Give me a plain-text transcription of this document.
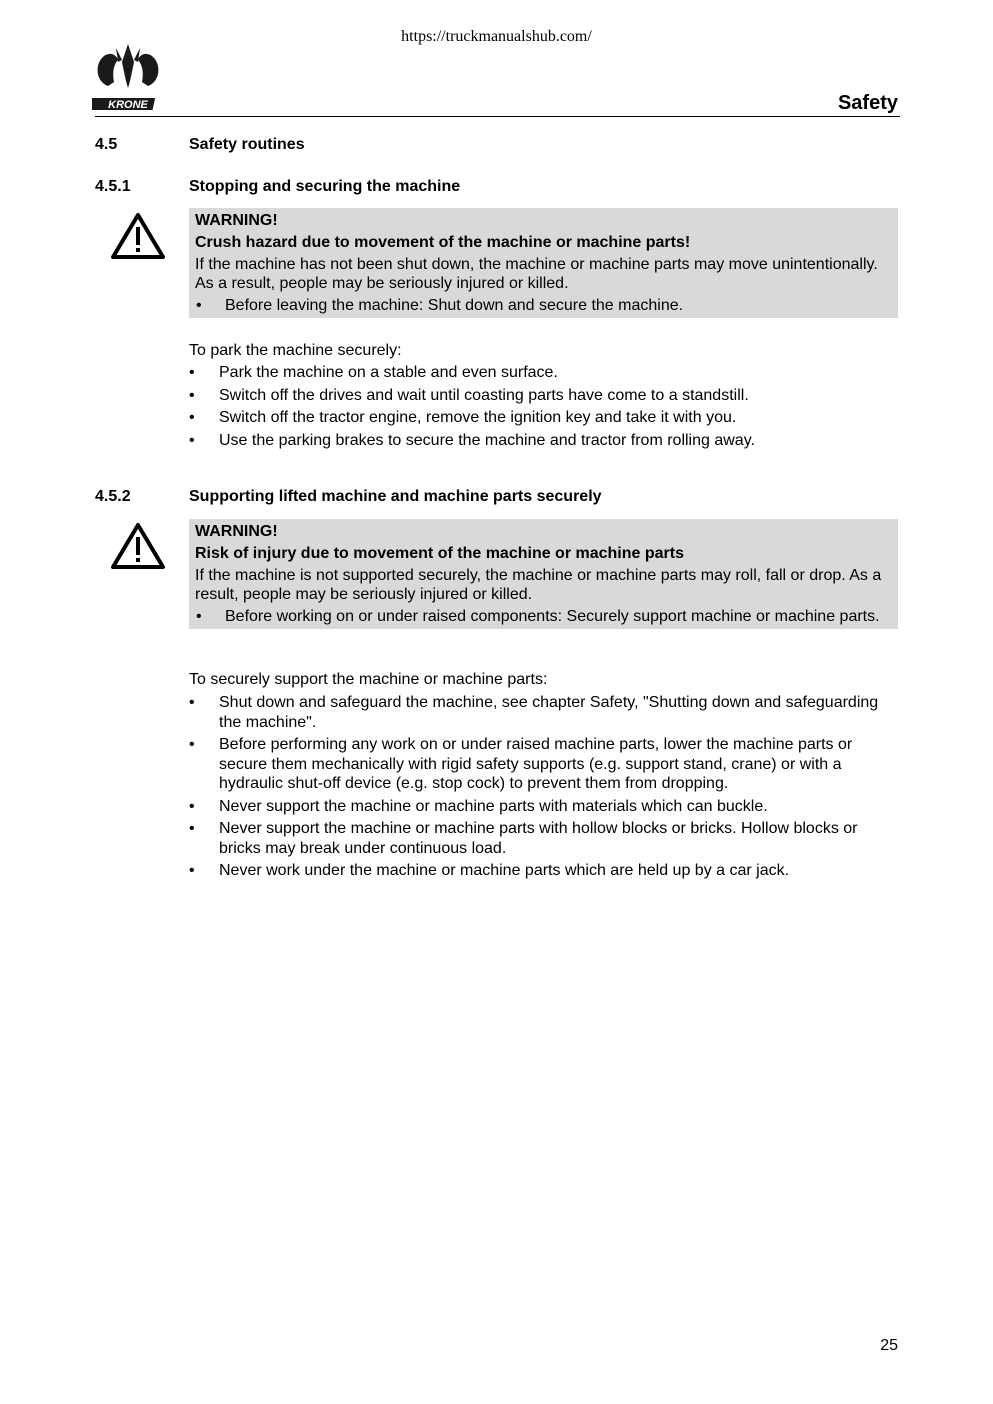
https://truckmanualshub.com/
KRONE	Safety
4.5	Safety routines
4.5.1	Stopping and securing the machine
WARNING!
Crush hazard due to movement of the machine or machine parts!
If the machine has not been shut down, the machine or machine parts may move unintentionally. As a result, people may be seriously injured or killed.
• Before leaving the machine: Shut down and secure the machine.
To park the machine securely:
• Park the machine on a stable and even surface.
• Switch off the drives and wait until coasting parts have come to a standstill.
• Switch off the tractor engine, remove the ignition key and take it with you.
• Use the parking brakes to secure the machine and tractor from rolling away.
4.5.2	Supporting lifted machine and machine parts securely
WARNING!
Risk of injury due to movement of the machine or machine parts
If the machine is not supported securely, the machine or machine parts may roll, fall or drop. As a result, people may be seriously injured or killed.
• Before working on or under raised components: Securely support machine or machine parts.
To securely support the machine or machine parts:
• Shut down and safeguard the machine, see chapter Safety, "Shutting down and safeguarding the machine".
• Before performing any work on or under raised machine parts, lower the machine parts or secure them mechanically with rigid safety supports (e.g. support stand, crane) or with a hydraulic shut-off device (e.g. stop cock) to prevent them from dropping.
• Never support the machine or machine parts with materials which can buckle.
• Never support the machine or machine parts with hollow blocks or bricks. Hollow blocks or bricks may break under continuous load.
• Never work under the machine or machine parts which are held up by a car jack.
25
